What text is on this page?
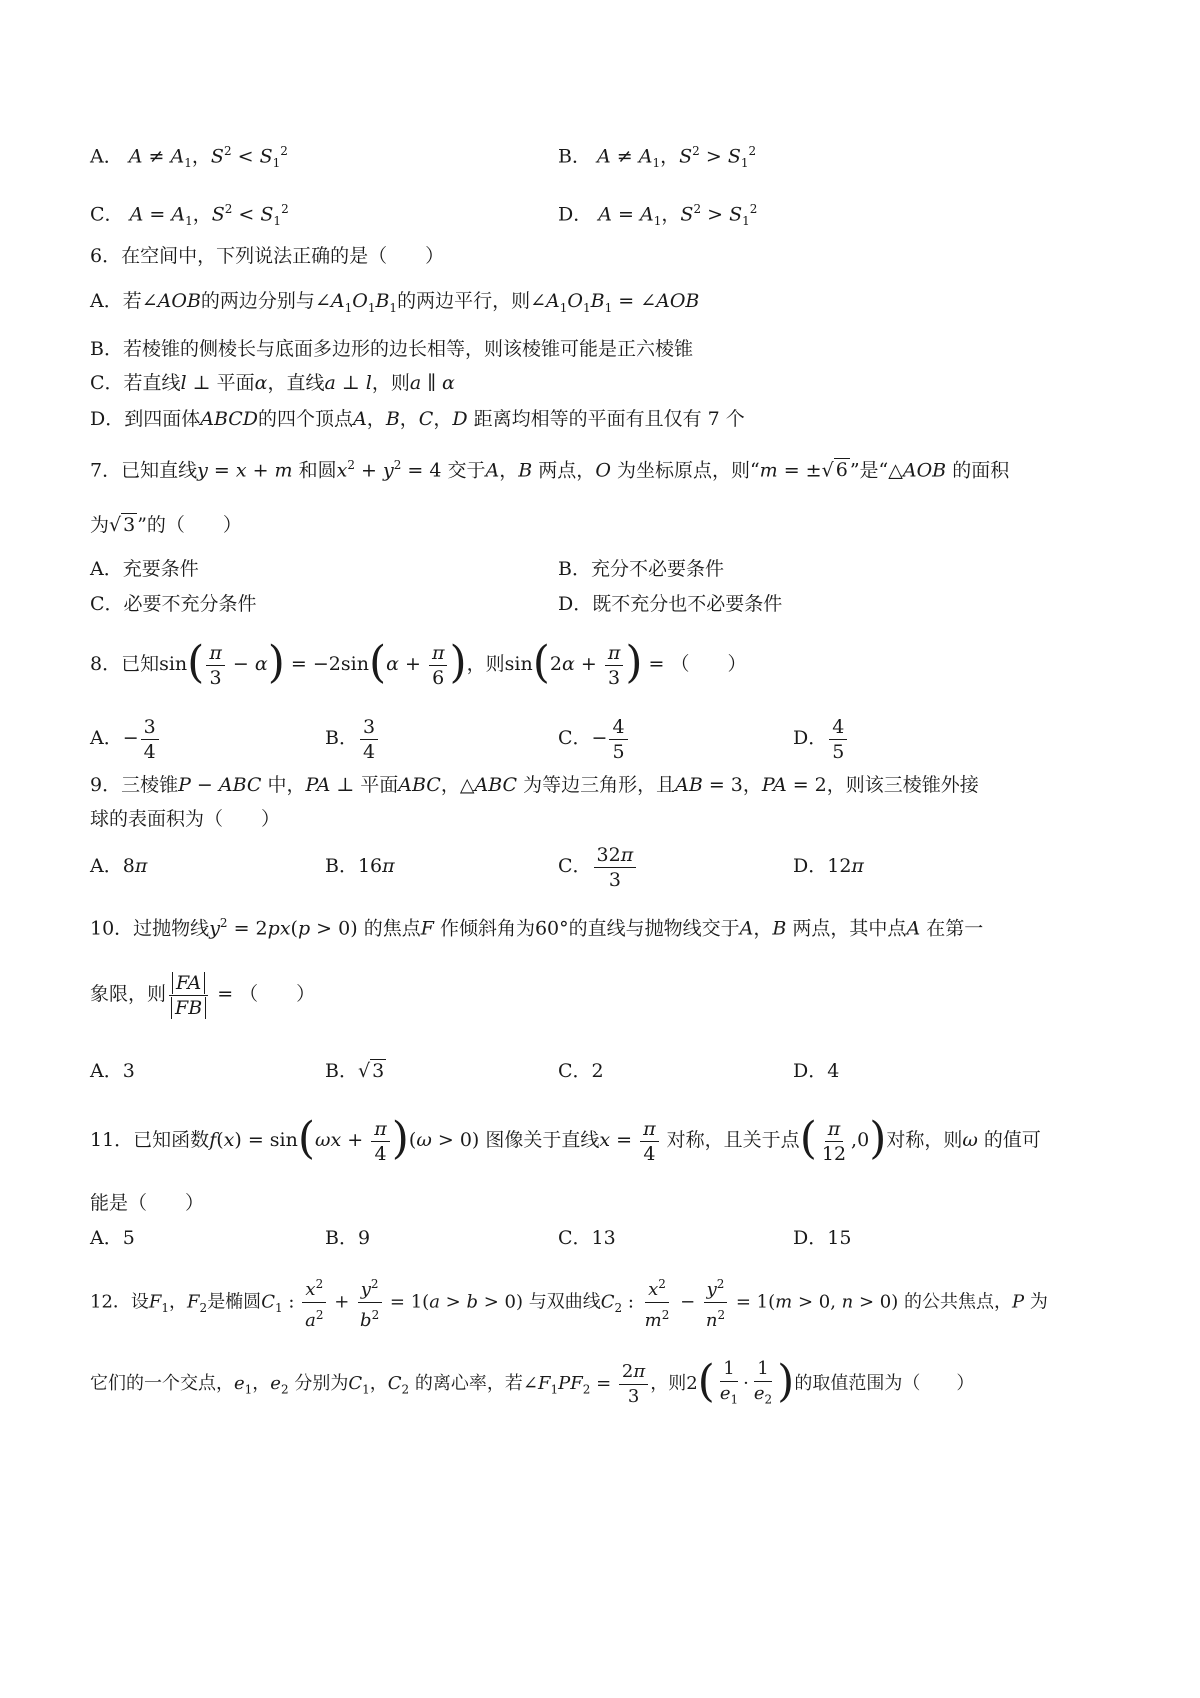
A． $A \ne A_1$，$S^2 < S_1^2$	B． $A \ne A_1$，$S^2 > S_1^2$
C． $A = A_1$，$S^2 < S_1^2$	D． $A = A_1$，$S^2 > S_1^2$
6．在空间中，下列说法正确的是（　　）
A．若∠AOB的两边分别与$\angle A_1O_1B_1$的两边平行，则$\angle A_1O_1B_1$ = ∠AOB
B．若棱锥的侧棱长与底面多边形的边长相等，则该棱锥可能是正六棱锥
C．若直线l ⊥ 平面α，直线a ⊥ l，则a ∥ α
D．到四面体ABCD的四个顶点A，B，C，D 距离均相等的平面有且仅有 7 个
7．已知直线y = x + m 和圆$x^2 + y^2 = 4$ 交于A，B 两点，O 为坐标原点，则“m = ±√ 6 ”是“△AOB 的面积
为√ 3 ”的（　　）
A．充要条件	B．充分不必要条件
C．必要不充分条件	D．既不充分也不必要条件
8．已知$\sin( \frac{\pi}{3} - \alpha) = -2\sin(\alpha + \frac{\pi}{6}$ )，则$\sin(2\alpha + \frac{\pi}{3}$ ) = （　　）
A．− $\frac{3}{4}$	B． $\frac{3}{4}$	C．− $\frac{4}{5}$	D． $\frac{4}{5}$
9．三棱锥P − ABC 中，PA ⊥ 平面ABC，△ABC 为等边三角形，且AB = 3，PA = 2，则该三棱锥外接
球的表面积为（　　）
A．8π	B．16π	C． $\frac{32\pi}{3}$	D．12π
10．过抛物线$y^2 = 2px(p > 0)$ 的焦点F 作倾斜角为60°的直线与抛物线交于A，B 两点，其中点A 在第一
象限，则 $\frac{FA}{FB}$ = （　　）
A．3	B．√ 3	C．2	D．4
11．已知函数$f(x) = \sin(\omega x + \frac{\pi}{4} )(\omega > 0)$ 图像关于直线$x = \frac{\pi}{4}$ 对称，且关于点( $\frac{\pi}{12} ,0$)对称，则ω 的值可
能是（　　）
A．5	B．9	C．13	D．15
12．设$F_1$，$F_2$是椭圆$C_1$ : $\frac{x^2}{a^2} + \frac{y^2}{b^2} = 1(a > b > 0)$ 与双曲线$C_2$ : $\frac{x^2}{m^2} - \frac{y^2}{n^2} = 1(m > 0$, n > 0) 的公共焦点，P 为
它们的一个交点，$e_1$，$e_2$ 分别为$C_1$，$C_2$ 的离心率，若$\angle F_1PF_2 = \frac{2\pi}{3}$ ，则$2( \frac{1}{e_1} \cdot \frac{1}{e_2}$ )的取值范围为（　　）
